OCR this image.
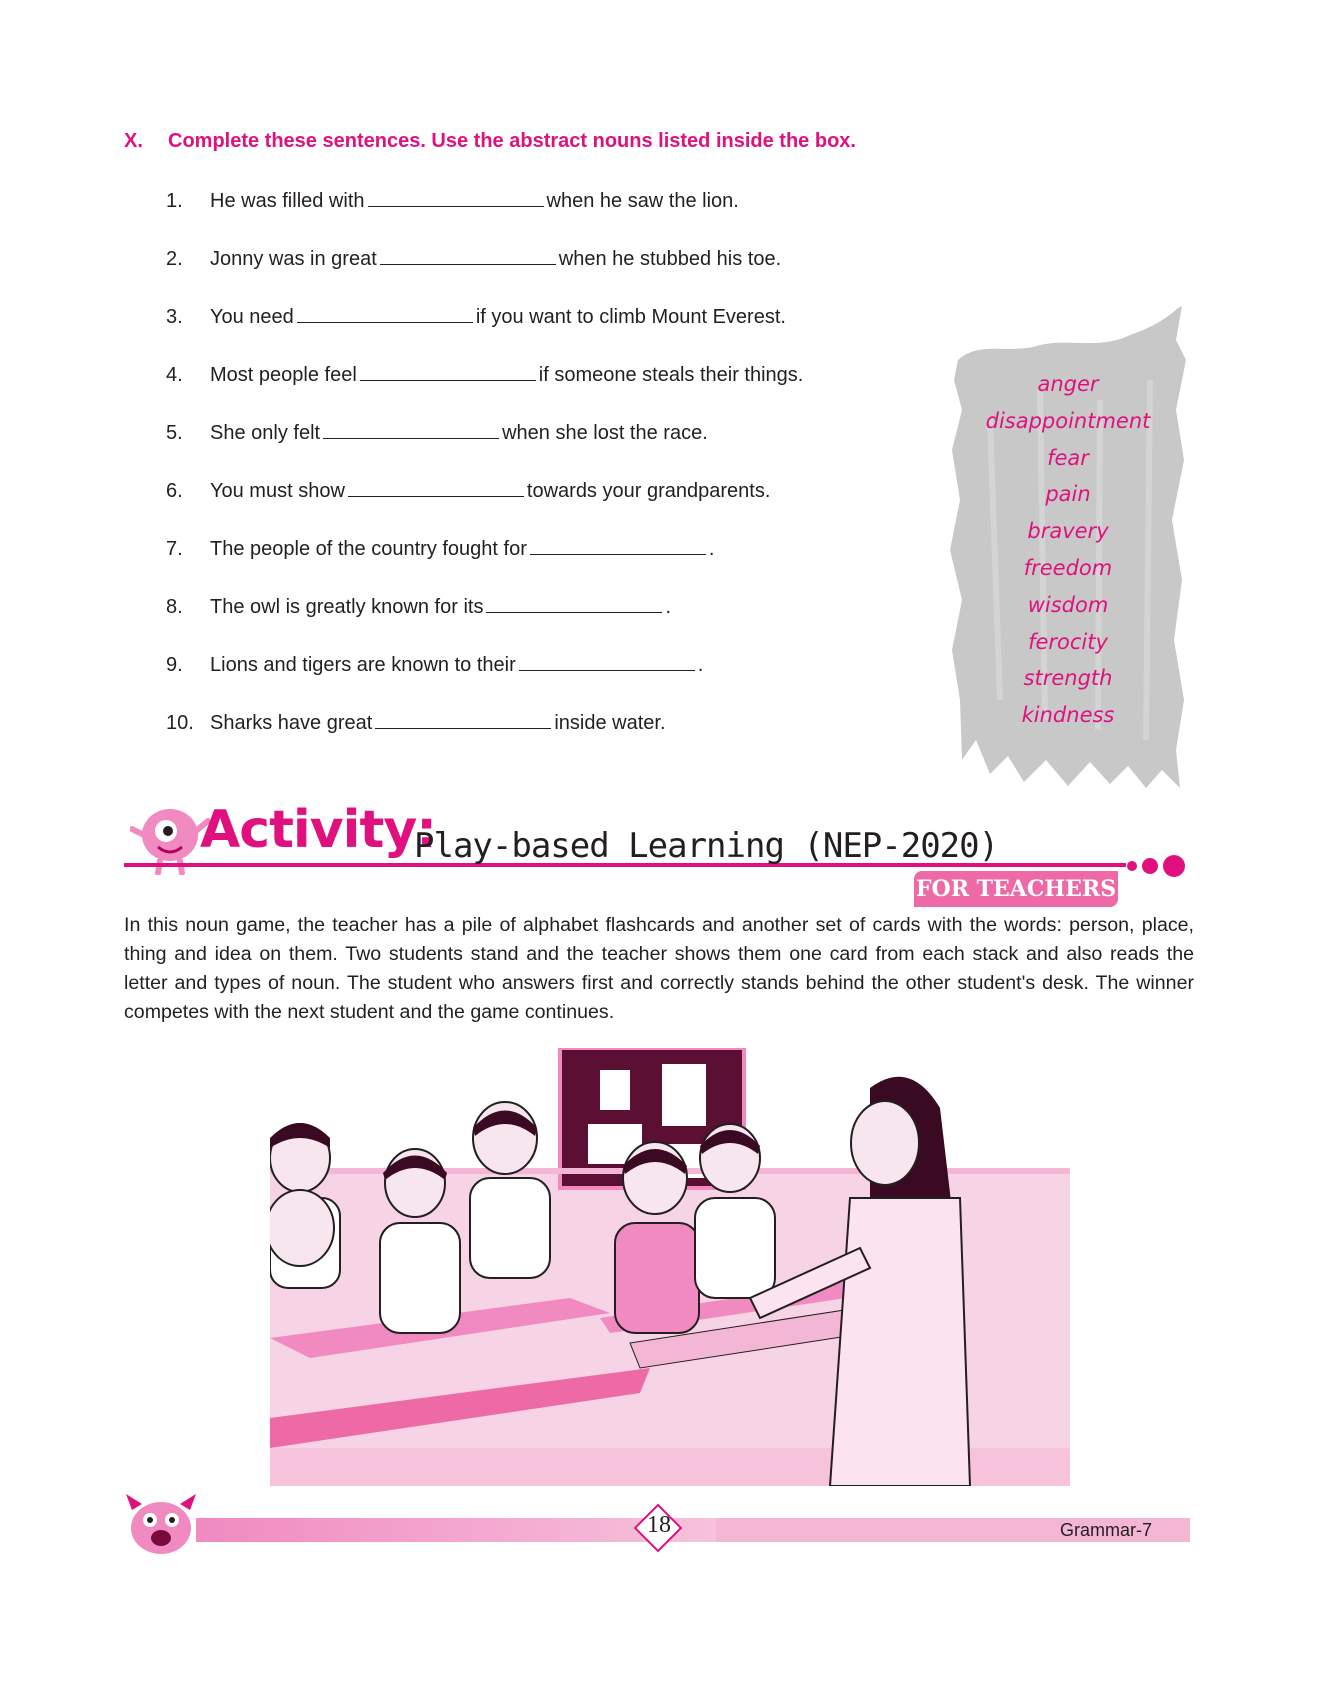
X. Complete these sentences. Use the abstract nouns listed inside the box.
1. He was filled with	when he saw the lion.
2. Jonny was in great	when he stubbed his toe.
3. You need	if you want to climb Mount Everest.
4. Most people feel	if someone steals their things.
5. She only felt	when she lost the race.
6. You must show	towards your grandparents.
7. The people of the country fought for	.
8. The owl is greatly known for its	.
9. Lions and tigers are known to their	.
10. Sharks have great	inside water.
anger
disappointment
fear
pain
bravery
freedom
wisdom
ferocity
strength
kindness
Activity:
Play-based Learning (NEP-2020)
FOR TEACHERS
In this noun game, the teacher has a pile of alphabet flashcards and another set of cards with the words: person, place, thing and idea on them. Two students stand and the teacher shows them one card from each stack and also reads the letter and types of noun. The student who answers first and correctly stands behind the other student's desk. The winner competes with the next student and the game continues.
18	Grammar-7
